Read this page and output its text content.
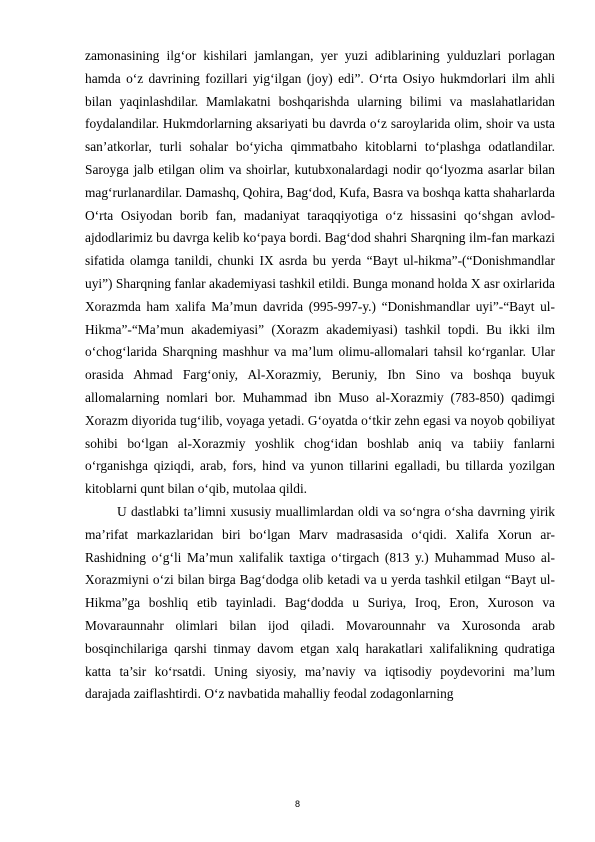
zamonasining ilg‘or kishilari jamlangan, yer yuzi adiblarining yulduzlari porlagan hamda o‘z davrining fozillari yig‘ilgan (joy) edi”. O‘rta Osiyo hukmdorlari ilm ahli bilan yaqinlashdilar. Mamlakatni boshqarishda ularning bilimi va maslahatlaridan foydalandilar. Hukmdorlarning aksariyati bu davrda o‘z saroylarida olim, shoir va usta san’atkorlar, turli sohalar bo‘yicha qimmatbaho kitoblarni to‘plashga odatlandilar. Saroyga jalb etilgan olim va shoirlar, kutubxonalardagi nodir qo‘lyozma asarlar bilan mag‘rurlanardilar. Damashq, Qohira, Bag‘dod, Kufa, Basra va boshqa katta shaharlarda O‘rta Osiyodan borib fan, madaniyat taraqqiyotiga o‘z hissasini qo‘shgan avlod-ajdodlarimiz bu davrga kelib ko‘paya bordi. Bag‘dod shahri Sharqning ilm-fan markazi sifatida olamga tanildi, chunki IX asrda bu yerda “Bayt ul-hikma”-(“Donishmandlar uyi”) Sharqning fanlar akademiyasi tashkil etildi. Bunga monand holda X asr oxirlarida Xorazmda ham xalifa Ma’mun davrida (995-997-y.) “Donishmandlar uyi”-“Bayt ul-Hikma”-“Ma’mun akademiyasi” (Xorazm akademiyasi) tashkil topdi. Bu ikki ilm o‘chog‘larida Sharqning mashhur va ma’lum olimu-allomalari tahsil ko‘rganlar. Ular orasida Ahmad Farg‘oniy, Al-Xorazmiy, Beruniy, Ibn Sino va boshqa buyuk allomalarning nomlari bor. Muhammad ibn Muso al-Xorazmiy (783-850) qadimgi Xorazm diyorida tug‘ilib, voyaga yetadi. G‘oyatda o‘tkir zehn egasi va noyob qobiliyat sohibi bo‘lgan al-Xorazmiy yoshlik chog‘idan boshlab aniq va tabiiy fanlarni o‘rganishga qiziqdi, arab, fors, hind va yunon tillarini egalladi, bu tillarda yozilgan kitoblarni qunt bilan o‘qib, mutolaa qildi.

U dastlabki ta’limni xususiy muallimlardan oldi va so‘ngra o‘sha davrning yirik ma’rifat markazlaridan biri bo‘lgan Marv madrasasida o‘qidi. Xalifa Xorun ar-Rashidning o‘g‘li Ma’mun xalifalik taxtiga o‘tirgach (813 y.) Muhammad Muso al-Xorazmiyni o‘zi bilan birga Bag‘dodga olib ketadi va u yerda tashkil etilgan “Bayt ul-Hikma”ga boshliq etib tayinladi. Bag‘dodda u Suriya, Iroq, Eron, Xuroson va Movaraunnahr olimlari bilan ijod qiladi. Movarounnahr va Xurosonda arab bosqinchilariga qarshi tinmay davom etgan xalq harakatlari xalifalikning qudratiga katta ta’sir ko‘rsatdi. Uning siyosiy, ma’naviy va iqtisodiy poydevorini ma’lum darajada zaiflashtirdi. O‘z navbatida mahalliy feodal zodagonlarning

8
